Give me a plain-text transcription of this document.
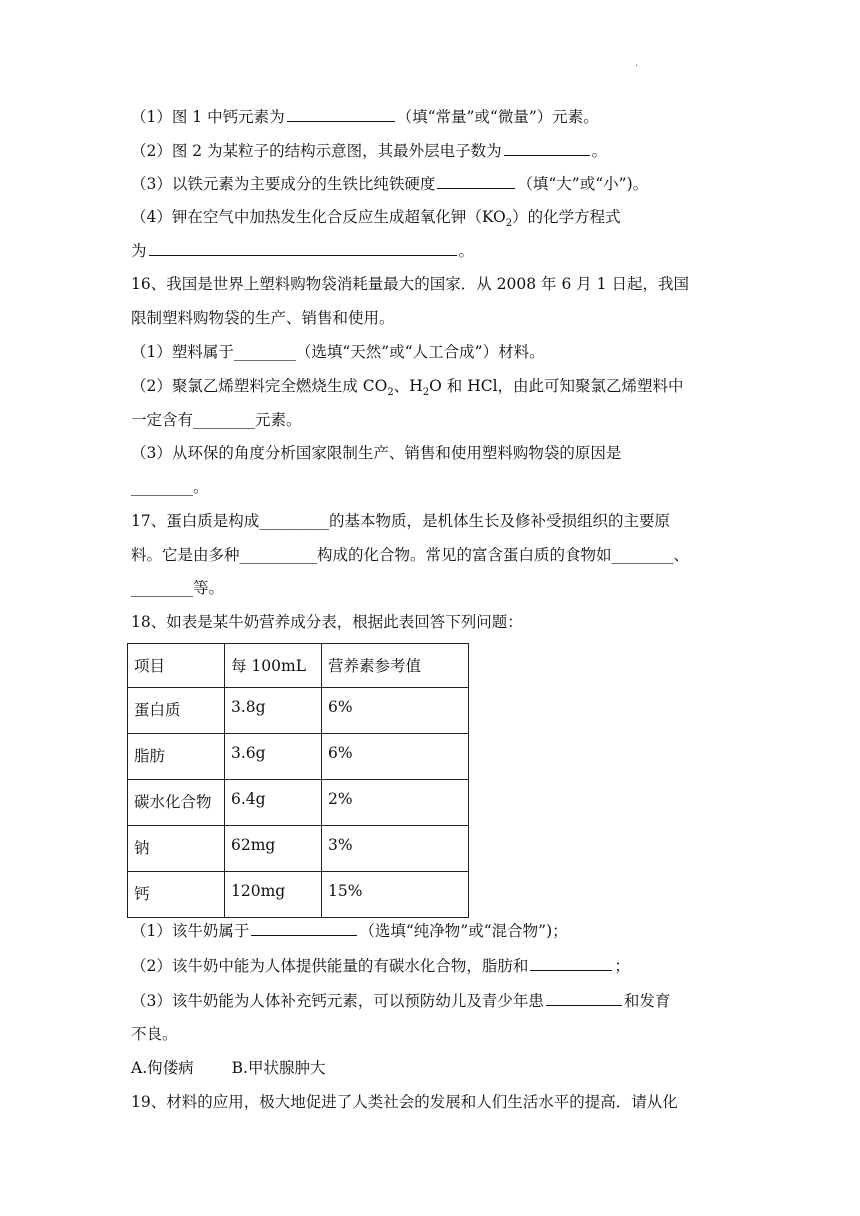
.
（1）图 1 中钙元素为	（填“常量”或“微量”）元素。
（2）图 2 为某粒子的结构示意图，其最外层电子数为	。
（3）以铁元素为主要成分的生铁比纯铁硬度	（填“大”或“小”)。
（4）钾在空气中加热发生化合反应生成超氧化钾$(KO_2)$的化学方程式
为	。
16、我国是世界上塑料购物袋消耗量最大的国家．从 2008 年 6 月 1 日起，我国
限制塑料购物袋的生产、销售和使用。
（1）塑料属于________（选填“天然”或“人工合成”）材料。
（2）聚氯乙烯塑料完全燃烧生成 $CO_2$、$H_2O$ 和 HCl，由此可知聚氯乙烯塑料中
一定含有________元素。
（3）从环保的角度分析国家限制生产、销售和使用塑料购物袋的原因是
________。
17、蛋白质是构成_________的基本物质，是机体生长及修补受损组织的主要原
料。它是由多种__________构成的化合物。常见的富含蛋白质的食物如________、
________等。
18、如表是某牛奶营养成分表，根据此表回答下列问题：
项目	每 100mL	营养素参考值
蛋白质	3.8g	6%
脂肪	3.6g	6%
碳水化合物	6.4g	2%
钠	62mg	3%
钙	120mg	15%
（1）该牛奶属于	（选填“纯净物”或“混合物”)；
（2）该牛奶中能为人体提供能量的有碳水化合物，脂肪和	；
（3）该牛奶能为人体补充钙元素，可以预防幼儿及青少年患	和发育
不良。
A.佝偻病 B.甲状腺肿大
19、材料的应用，极大地促进了人类社会的发展和人们生活水平的提高．请从化
